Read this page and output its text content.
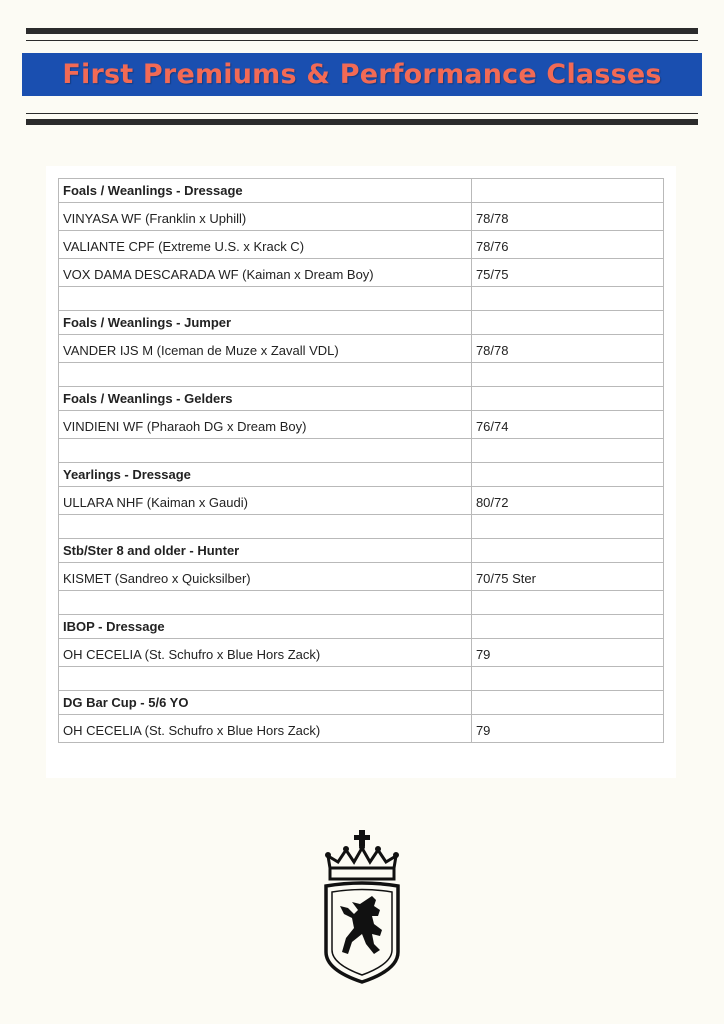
First Premiums & Performance Classes
Foals / Weanlings - Dressage	
VINYASA WF (Franklin x Uphill)	78/78
VALIANTE CPF (Extreme U.S. x Krack C)	78/76
VOX DAMA DESCARADA WF (Kaiman x Dream Boy)	75/75

Foals / Weanlings - Jumper	
VANDER IJS M (Iceman de Muze x Zavall VDL)	78/78

Foals / Weanlings - Gelders	
VINDIENI WF (Pharaoh DG x Dream Boy)	76/74

Yearlings - Dressage	
ULLARA NHF (Kaiman x Gaudi)	80/72

Stb/Ster 8 and older - Hunter	
KISMET (Sandreo x Quicksilber)	70/75 Ster

IBOP - Dressage	
OH CECELIA (St. Schufro x Blue Hors Zack)	79

DG Bar Cup - 5/6 YO	
OH CECELIA (St. Schufro x Blue Hors Zack)	79
